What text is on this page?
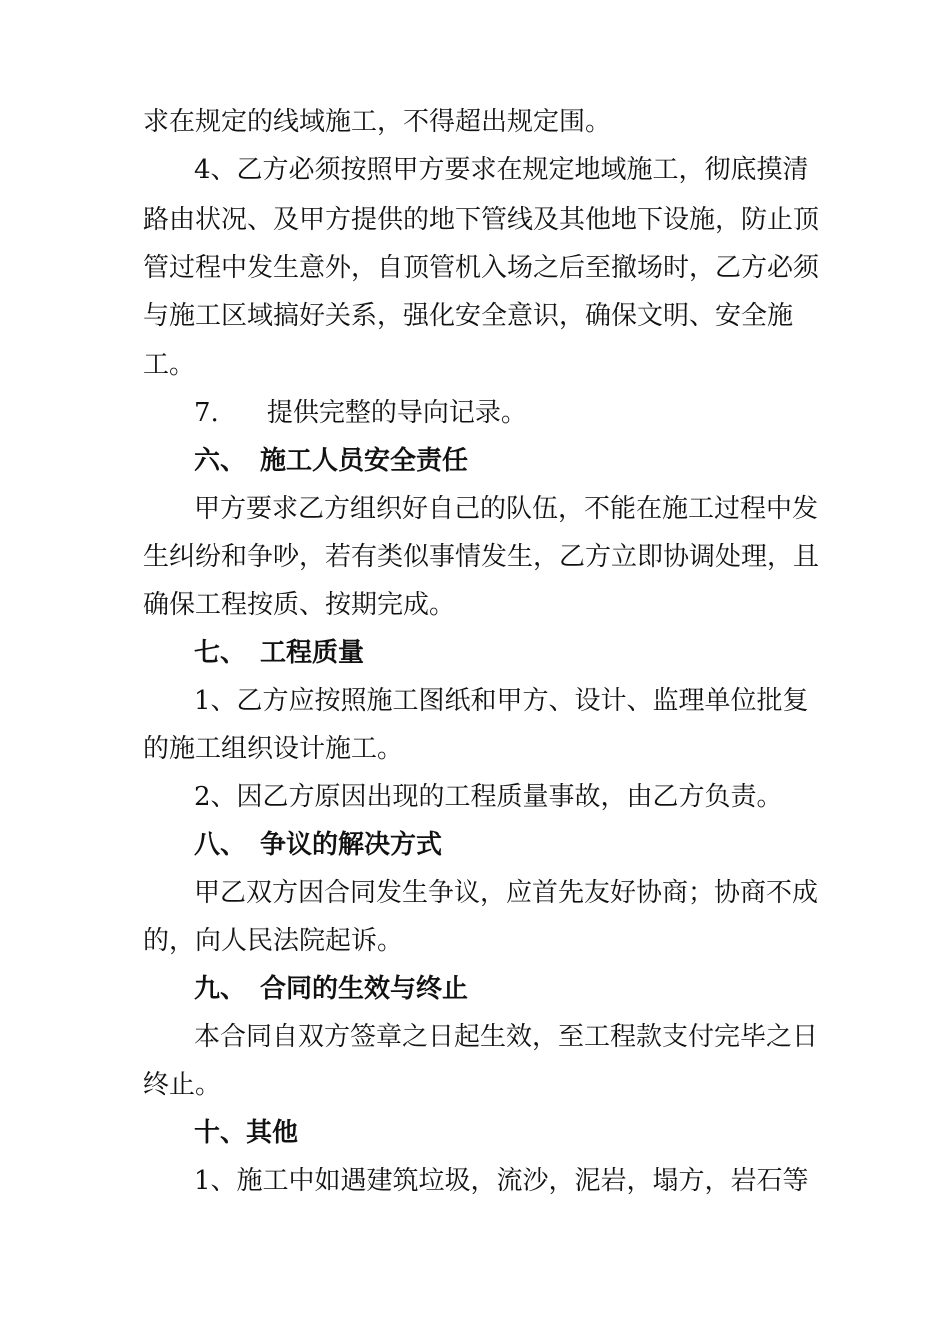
求在规定的线域施工，不得超出规定围。
4、乙方必须按照甲方要求在规定地域施工，彻底摸清
路由状况、及甲方提供的地下管线及其他地下设施，防止顶
管过程中发生意外，自顶管机入场之后至撤场时，乙方必须
与施工区域搞好关系，强化安全意识，确保文明、安全施
工。
7. 提供完整的导向记录。
六、 施工人员安全责任
甲方要求乙方组织好自己的队伍，不能在施工过程中发
生纠纷和争吵，若有类似事情发生，乙方立即协调处理，且
确保工程按质、按期完成。
七、 工程质量
1、乙方应按照施工图纸和甲方、设计、监理单位批复
的施工组织设计施工。
2、因乙方原因出现的工程质量事故，由乙方负责。
八、 争议的解决方式
甲乙双方因合同发生争议，应首先友好协商；协商不成
的，向人民法院起诉。
九、 合同的生效与终止
本合同自双方签章之日起生效，至工程款支付完毕之日
终止。
十、其他
1、施工中如遇建筑垃圾，流沙，泥岩，塌方，岩石等
